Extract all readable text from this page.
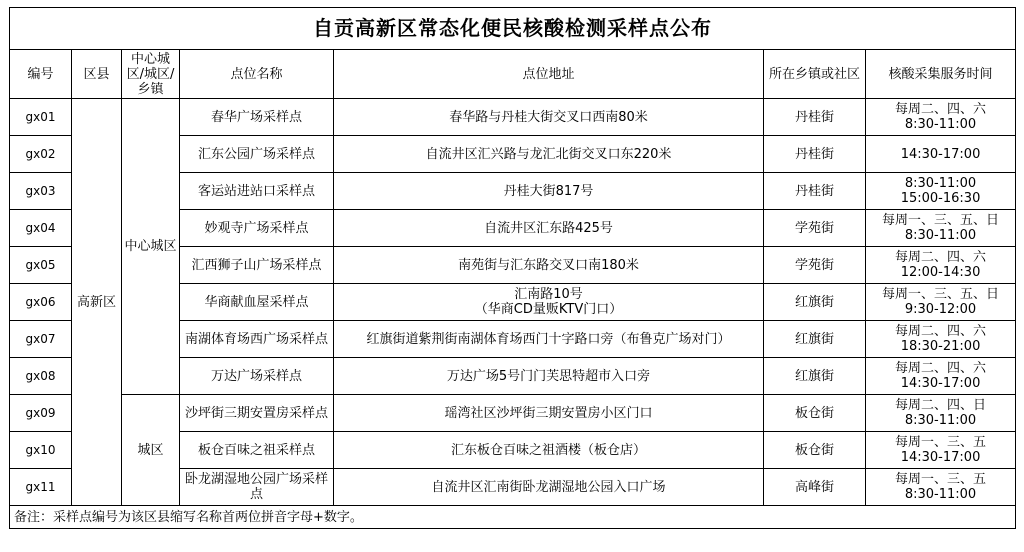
自贡高新区常态化便民核酸检测采样点公布						
编号	区县	中心城区/城区/乡镇	点位名称	点位地址	所在乡镇或社区	核酸采集服务时间
gx01	高新区	中心城区	春华广场采样点	春华路与丹桂大街交叉口西南80米	丹桂街	每周二、四、六
8:30-11:00
gx02			汇东公园广场采样点	自流井区汇兴路与龙汇北街交叉口东220米	丹桂街	14:30-17:00
gx03			客运站进站口采样点	丹桂大街817号	丹桂街	8:30-11:00
15:00-16:30
gx04			妙观寺广场采样点	自流井区汇东路425号	学苑街	每周一、三、五、日
8:30-11:00
gx05			汇西狮子山广场采样点	南苑街与汇东路交叉口南180米	学苑街	每周二、四、六
12:00-14:30
gx06			华商献血屋采样点	汇南路10号
（华商CD量贩KTV门口）	红旗街	每周一、三、五、日
9:30-12:00
gx07			南湖体育场西广场采样点	红旗街道紫荆街南湖体育场西门十字路口旁（布鲁克广场对门）	红旗街	每周二、四、六
18:30-21:00
gx08			万达广场采样点	万达广场5号门门芙思特超市入口旁	红旗街	每周二、四、六
14:30-17:00
gx09		城区	沙坪街三期安置房采样点	瑶湾社区沙坪街三期安置房小区门口	板仓街	每周二、四、日
8:30-11:00
gx10			板仓百味之祖采样点	汇东板仓百味之祖酒楼（板仓店）	板仓街	每周一、三、五
14:30-17:00
gx11			卧龙湖湿地公园广场采样点	自流井区汇南街卧龙湖湿地公园入口广场	高峰街	每周一、三、五
8:30-11:00
备注：采样点编号为该区县缩写名称首两位拼音字母+数字。						
